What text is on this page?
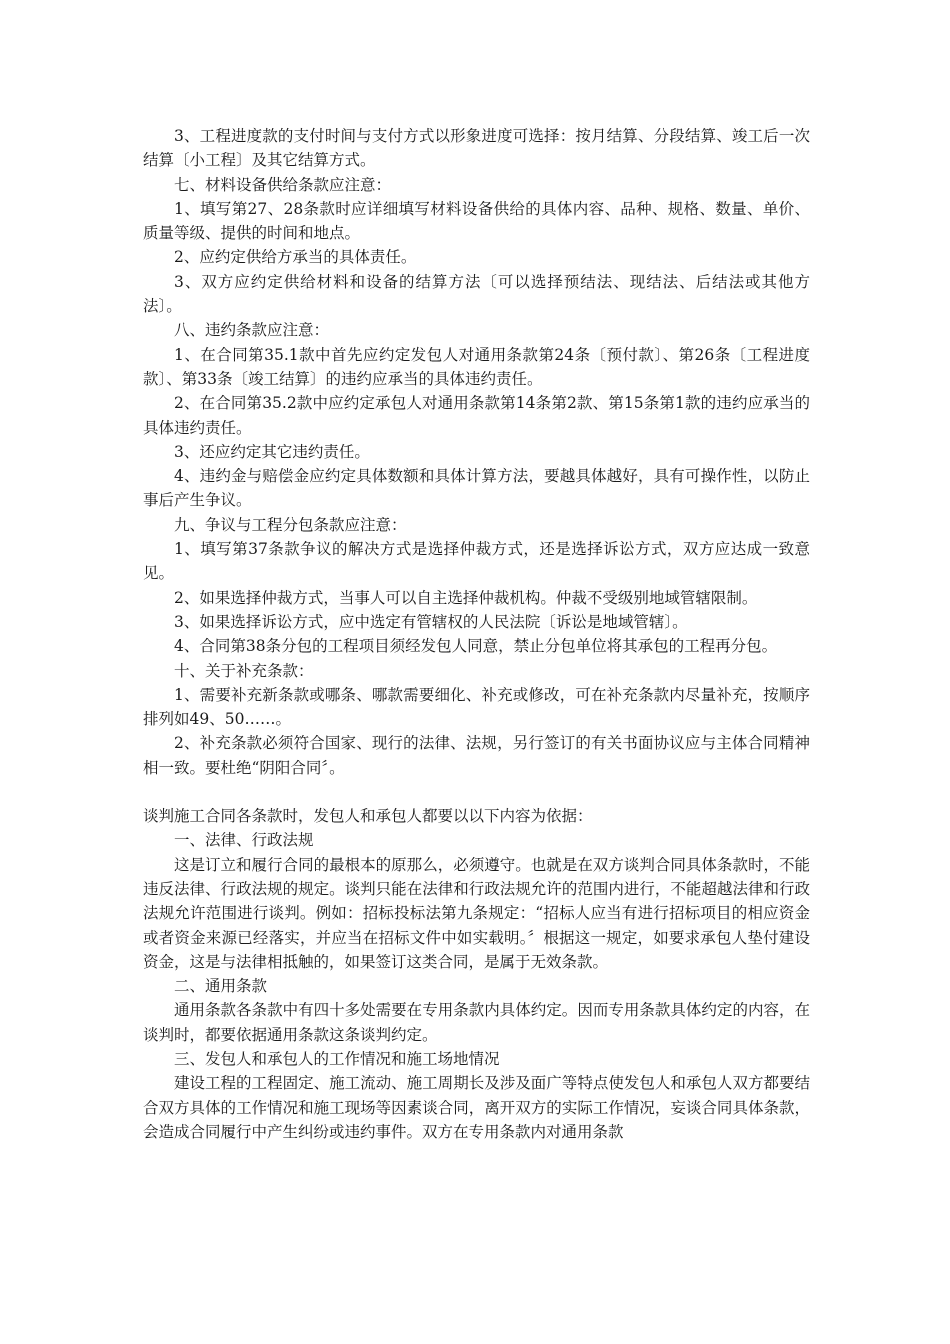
3、工程进度款的支付时间与支付方式以形象进度可选择：按月结算、分段结算、竣工后一次结算〔小工程〕及其它结算方式。

七、材料设备供给条款应注意：

1、填写第27、28条款时应详细填写材料设备供给的具体内容、品种、规格、数量、单价、质量等级、提供的时间和地点。

2、应约定供给方承当的具体责任。

3、双方应约定供给材料和设备的结算方法〔可以选择预结法、现结法、后结法或其他方法〕。

八、违约条款应注意：

1、在合同第35.1款中首先应约定发包人对通用条款第24条〔预付款〕、第26条〔工程进度款〕、第33条〔竣工结算〕的违约应承当的具体违约责任。

2、在合同第35.2款中应约定承包人对通用条款第14条第2款、第15条第1款的违约应承当的具体违约责任。

3、还应约定其它违约责任。

4、违约金与赔偿金应约定具体数额和具体计算方法，要越具体越好，具有可操作性，以防止事后产生争议。

九、争议与工程分包条款应注意：

1、填写第37条款争议的解决方式是选择仲裁方式，还是选择诉讼方式，双方应达成一致意见。

2、如果选择仲裁方式，当事人可以自主选择仲裁机构。仲裁不受级别地域管辖限制。

3、如果选择诉讼方式，应中选定有管辖权的人民法院〔诉讼是地域管辖〕。

4、合同第38条分包的工程项目须经发包人同意，禁止分包单位将其承包的工程再分包。

十、关于补充条款：

1、需要补充新条款或哪条、哪款需要细化、补充或修改，可在补充条款内尽量补充，按顺序排列如49、50……。

2、补充条款必须符合国家、现行的法律、法规，另行签订的有关书面协议应与主体合同精神相一致。要杜绝“阴阳合同〞。

谈判施工合同各条款时，发包人和承包人都要以以下内容为依据：

一、法律、行政法规

这是订立和履行合同的最根本的原那么，必须遵守。也就是在双方谈判合同具体条款时，不能违反法律、行政法规的规定。谈判只能在法律和行政法规允许的范围内进行，不能超越法律和行政法规允许范围进行谈判。例如：招标投标法第九条规定：“招标人应当有进行招标项目的相应资金或者资金来源已经落实，并应当在招标文件中如实载明。〞根据这一规定，如要求承包人垫付建设资金，这是与法律相抵触的，如果签订这类合同，是属于无效条款。

二、通用条款

通用条款各条款中有四十多处需要在专用条款内具体约定。因而专用条款具体约定的内容，在谈判时，都要依据通用条款这条谈判约定。

三、发包人和承包人的工作情况和施工场地情况

建设工程的工程固定、施工流动、施工周期长及涉及面广等特点使发包人和承包人双方都要结合双方具体的工作情况和施工现场等因素谈合同，离开双方的实际工作情况，妄谈合同具体条款，会造成合同履行中产生纠纷或违约事件。双方在专用条款内对通用条款
